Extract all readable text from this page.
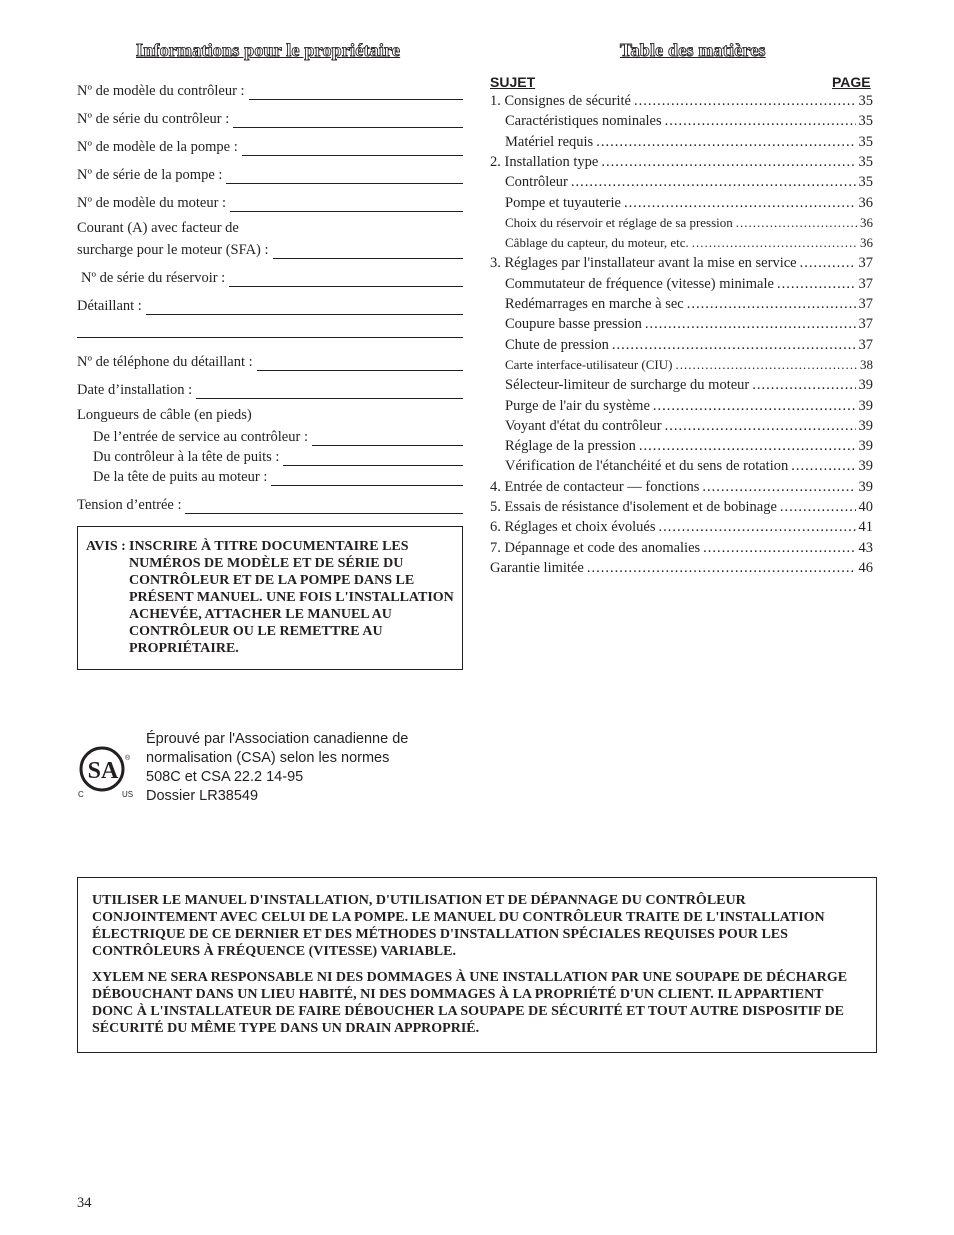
Informations pour le propriétaire	Table des matières
Nº de modèle du contrôleur :
Nº de série du contrôleur :
Nº de modèle de la pompe :
Nº de série de la pompe :
Nº de modèle du moteur :
Courant (A) avec facteur de
surcharge pour le moteur (SFA) :
Nº de série du réservoir :
Détaillant :
Nº de téléphone du détaillant :
Date d’installation :
Longueurs de câble (en pieds)
De l’entrée de service au contrôleur :
Du contrôleur à la tête de puits :
De la tête de puits au moteur :
Tension d’entrée :
AVIS : INSCRIRE À TITRE DOCUMENTAIRE LES NUMÉROS DE MODÈLE ET DE SÉRIE DU CONTRÔLEUR ET DE LA POMPE DANS LE PRÉSENT MANUEL. UNE FOIS L'INSTALLATION ACHEVÉE, ATTACHER LE MANUEL AU CONTRÔLEUR OU LE REMETTRE AU PROPRIÉTAIRE.
SUJET	PAGE
1. Consignes de sécurité .....	35
Caractéristiques nominales .....	35
Matériel requis .....	35
2. Installation type .....	35
Contrôleur .....	35
Pompe et tuyauterie .....	36
Choix du réservoir et réglage de sa pression .....	36
Câblage du capteur, du moteur, etc. .....	36
3. Réglages par l'installateur avant la mise en service .....	37
Commutateur de fréquence (vitesse) minimale .....	37
Redémarrages en marche à sec .....	37
Coupure basse pression .....	37
Chute de pression .....	37
Carte interface-utilisateur (CIU) .....	38
Sélecteur-limiteur de surcharge du moteur .....	39
Purge de l'air du système .....	39
Voyant d'état du contrôleur .....	39
Réglage de la pression .....	39
Vérification de l'étanchéité et du sens de rotation .....	39
4. Entrée de contacteur — fonctions .....	39
5. Essais de résistance d'isolement et de bobinage .....	40
6. Réglages et choix évolués .....	41
7. Dépannage et code des anomalies .....	43
Garantie limitée .....	46
SA
C	US
®
Éprouvé par l'Association canadienne de
normalisation (CSA) selon les normes
508C et CSA 22.2 14-95
Dossier LR38549
UTILISER LE MANUEL D'INSTALLATION, D'UTILISATION ET DE DÉPANNAGE DU CONTRÔLEUR CONJOINTEMENT AVEC CELUI DE LA POMPE. LE MANUEL DU CONTRÔLEUR TRAITE DE L'INSTALLATION ÉLECTRIQUE DE CE DERNIER ET DES MÉTHODES D'INSTALLATION SPÉCIALES REQUISES POUR LES CONTRÔLEURS À FRÉQUENCE (VITESSE) VARIABLE.
XYLEM NE SERA RESPONSABLE NI DES DOMMAGES À UNE INSTALLATION PAR UNE SOUPAPE DE DÉCHARGE DÉBOUCHANT DANS UN LIEU HABITÉ, NI DES DOMMAGES À LA PROPRIÉTÉ D'UN CLIENT. IL APPARTIENT DONC À L'INSTALLATEUR DE FAIRE DÉBOUCHER LA SOUPAPE DE SÉCURITÉ ET TOUT AUTRE DISPOSITIF DE SÉCURITÉ DU MÊME TYPE DANS UN DRAIN APPROPRIÉ.
34
